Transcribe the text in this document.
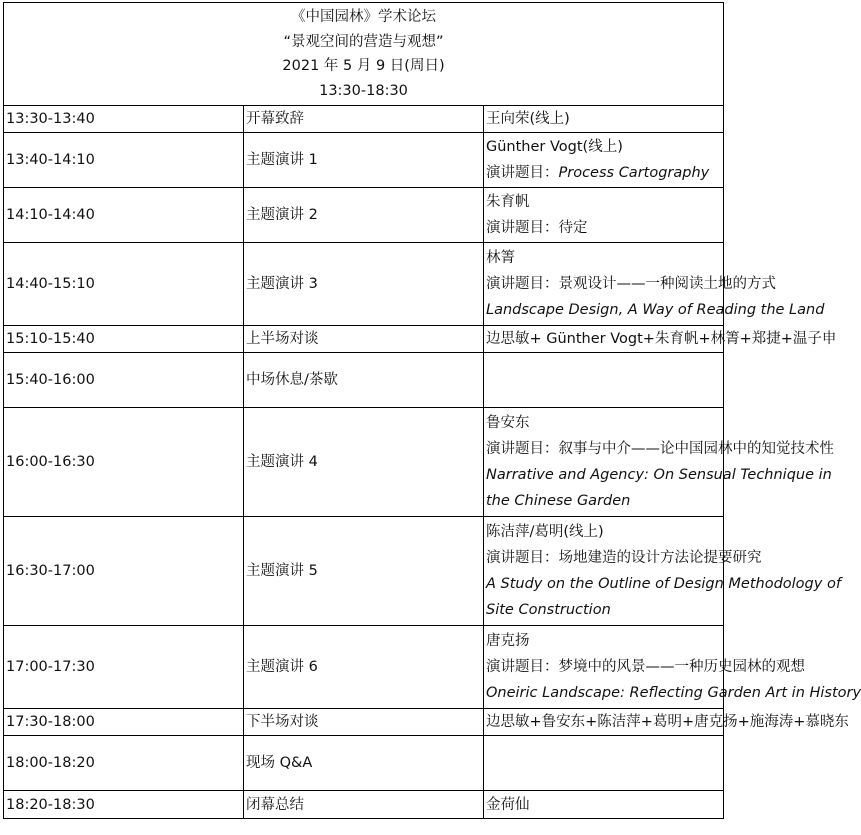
《中国园林》学术论坛
“景观空间的营造与观想”
2021 年 5 月 9 日(周日)
13:30-18:30		

13:30-13:40	开幕致辞	王向荣(线上)

13:40-14:10	主题演讲 1	Günther Vogt(线上)
演讲题目：Process Cartography

14:10-14:40	主题演讲 2	朱育帆
演讲题目：待定

14:40-15:10	主题演讲 3	林箐
演讲题目：景观设计——一种阅读土地的方式
Landscape Design, A Way of Reading the Land

15:10-15:40	上半场对谈	边思敏+ Günther Vogt+朱育帆+林箐+郑捷+温子申

15:40-16:00	中场休息/茶歇	

16:00-16:30	主题演讲 4	鲁安东
演讲题目：叙事与中介——论中国园林中的知觉技术性
Narrative and Agency: On Sensual Technique in
the Chinese Garden

16:30-17:00	主题演讲 5	陈洁萍/葛明(线上)
演讲题目：场地建造的设计方法论提要研究
A Study on the Outline of Design Methodology of
Site Construction

17:00-17:30	主题演讲 6	唐克扬
演讲题目：梦境中的风景——一种历史园林的观想
Oneiric Landscape: Reflecting Garden Art in History

17:30-18:00	下半场对谈	边思敏+鲁安东+陈洁萍+葛明+唐克扬+施海涛+慕晓东

18:00-18:20	现场 Q&A	

18:20-18:30	闭幕总结	金荷仙
